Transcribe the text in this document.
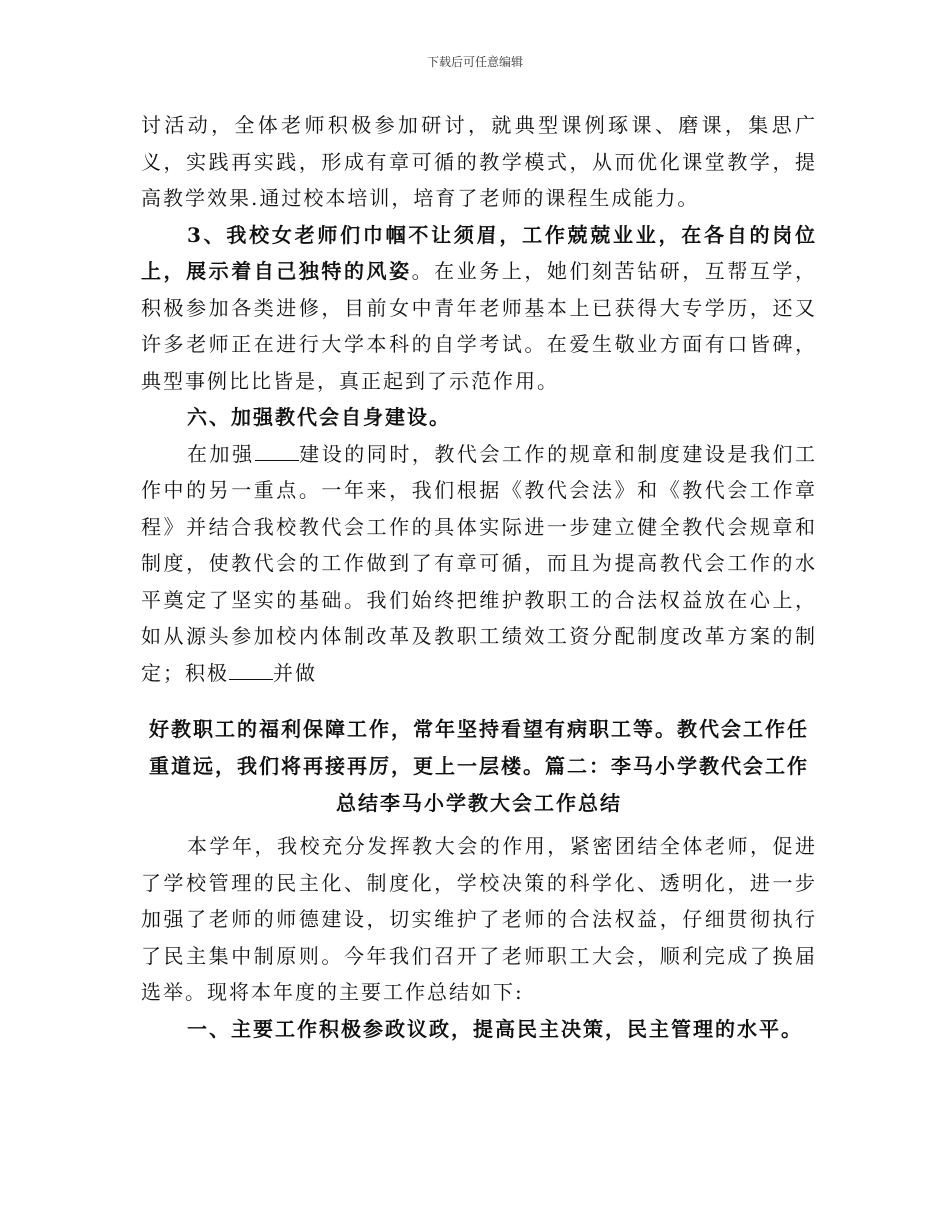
下载后可任意编辑

讨活动，全体老师积极参加研讨，就典型课例琢课、磨课，集思广义，实践再实践，形成有章可循的教学模式，从而优化课堂教学，提高教学效果.通过校本培训，培育了老师的课程生成能力。

3、我校女老师们巾帼不让须眉，工作兢兢业业，在各自的岗位上，展示着自己独特的风姿。在业务上，她们刻苦钻研，互帮互学，积极参加各类进修，目前女中青年老师基本上已获得大专学历，还又许多老师正在进行大学本科的自学考试。在爱生敬业方面有口皆碑，典型事例比比皆是，真正起到了示范作用。

六、加强教代会自身建设。

在加强 建设的同时，教代会工作的规章和制度建设是我们工作中的另一重点。一年来，我们根据《教代会法》和《教代会工作章程》并结合我校教代会工作的具体实际进一步建立健全教代会规章和制度，使教代会的工作做到了有章可循，而且为提高教代会工作的水平奠定了坚实的基础。我们始终把维护教职工的合法权益放在心上，如从源头参加校内体制改革及教职工绩效工资分配制度改革方案的制定；积极 并做

好教职工的福利保障工作，常年坚持看望有病职工等。教代会工作任重道远，我们将再接再厉，更上一层楼。篇二：李马小学教代会工作总结李马小学教大会工作总结

本学年，我校充分发挥教大会的作用，紧密团结全体老师，促进了学校管理的民主化、制度化，学校决策的科学化、透明化，进一步加强了老师的师德建设，切实维护了老师的合法权益，仔细贯彻执行了民主集中制原则。今年我们召开了老师职工大会，顺利完成了换届选举。现将本年度的主要工作总结如下:

一、主要工作积极参政议政，提高民主决策，民主管理的水平。
